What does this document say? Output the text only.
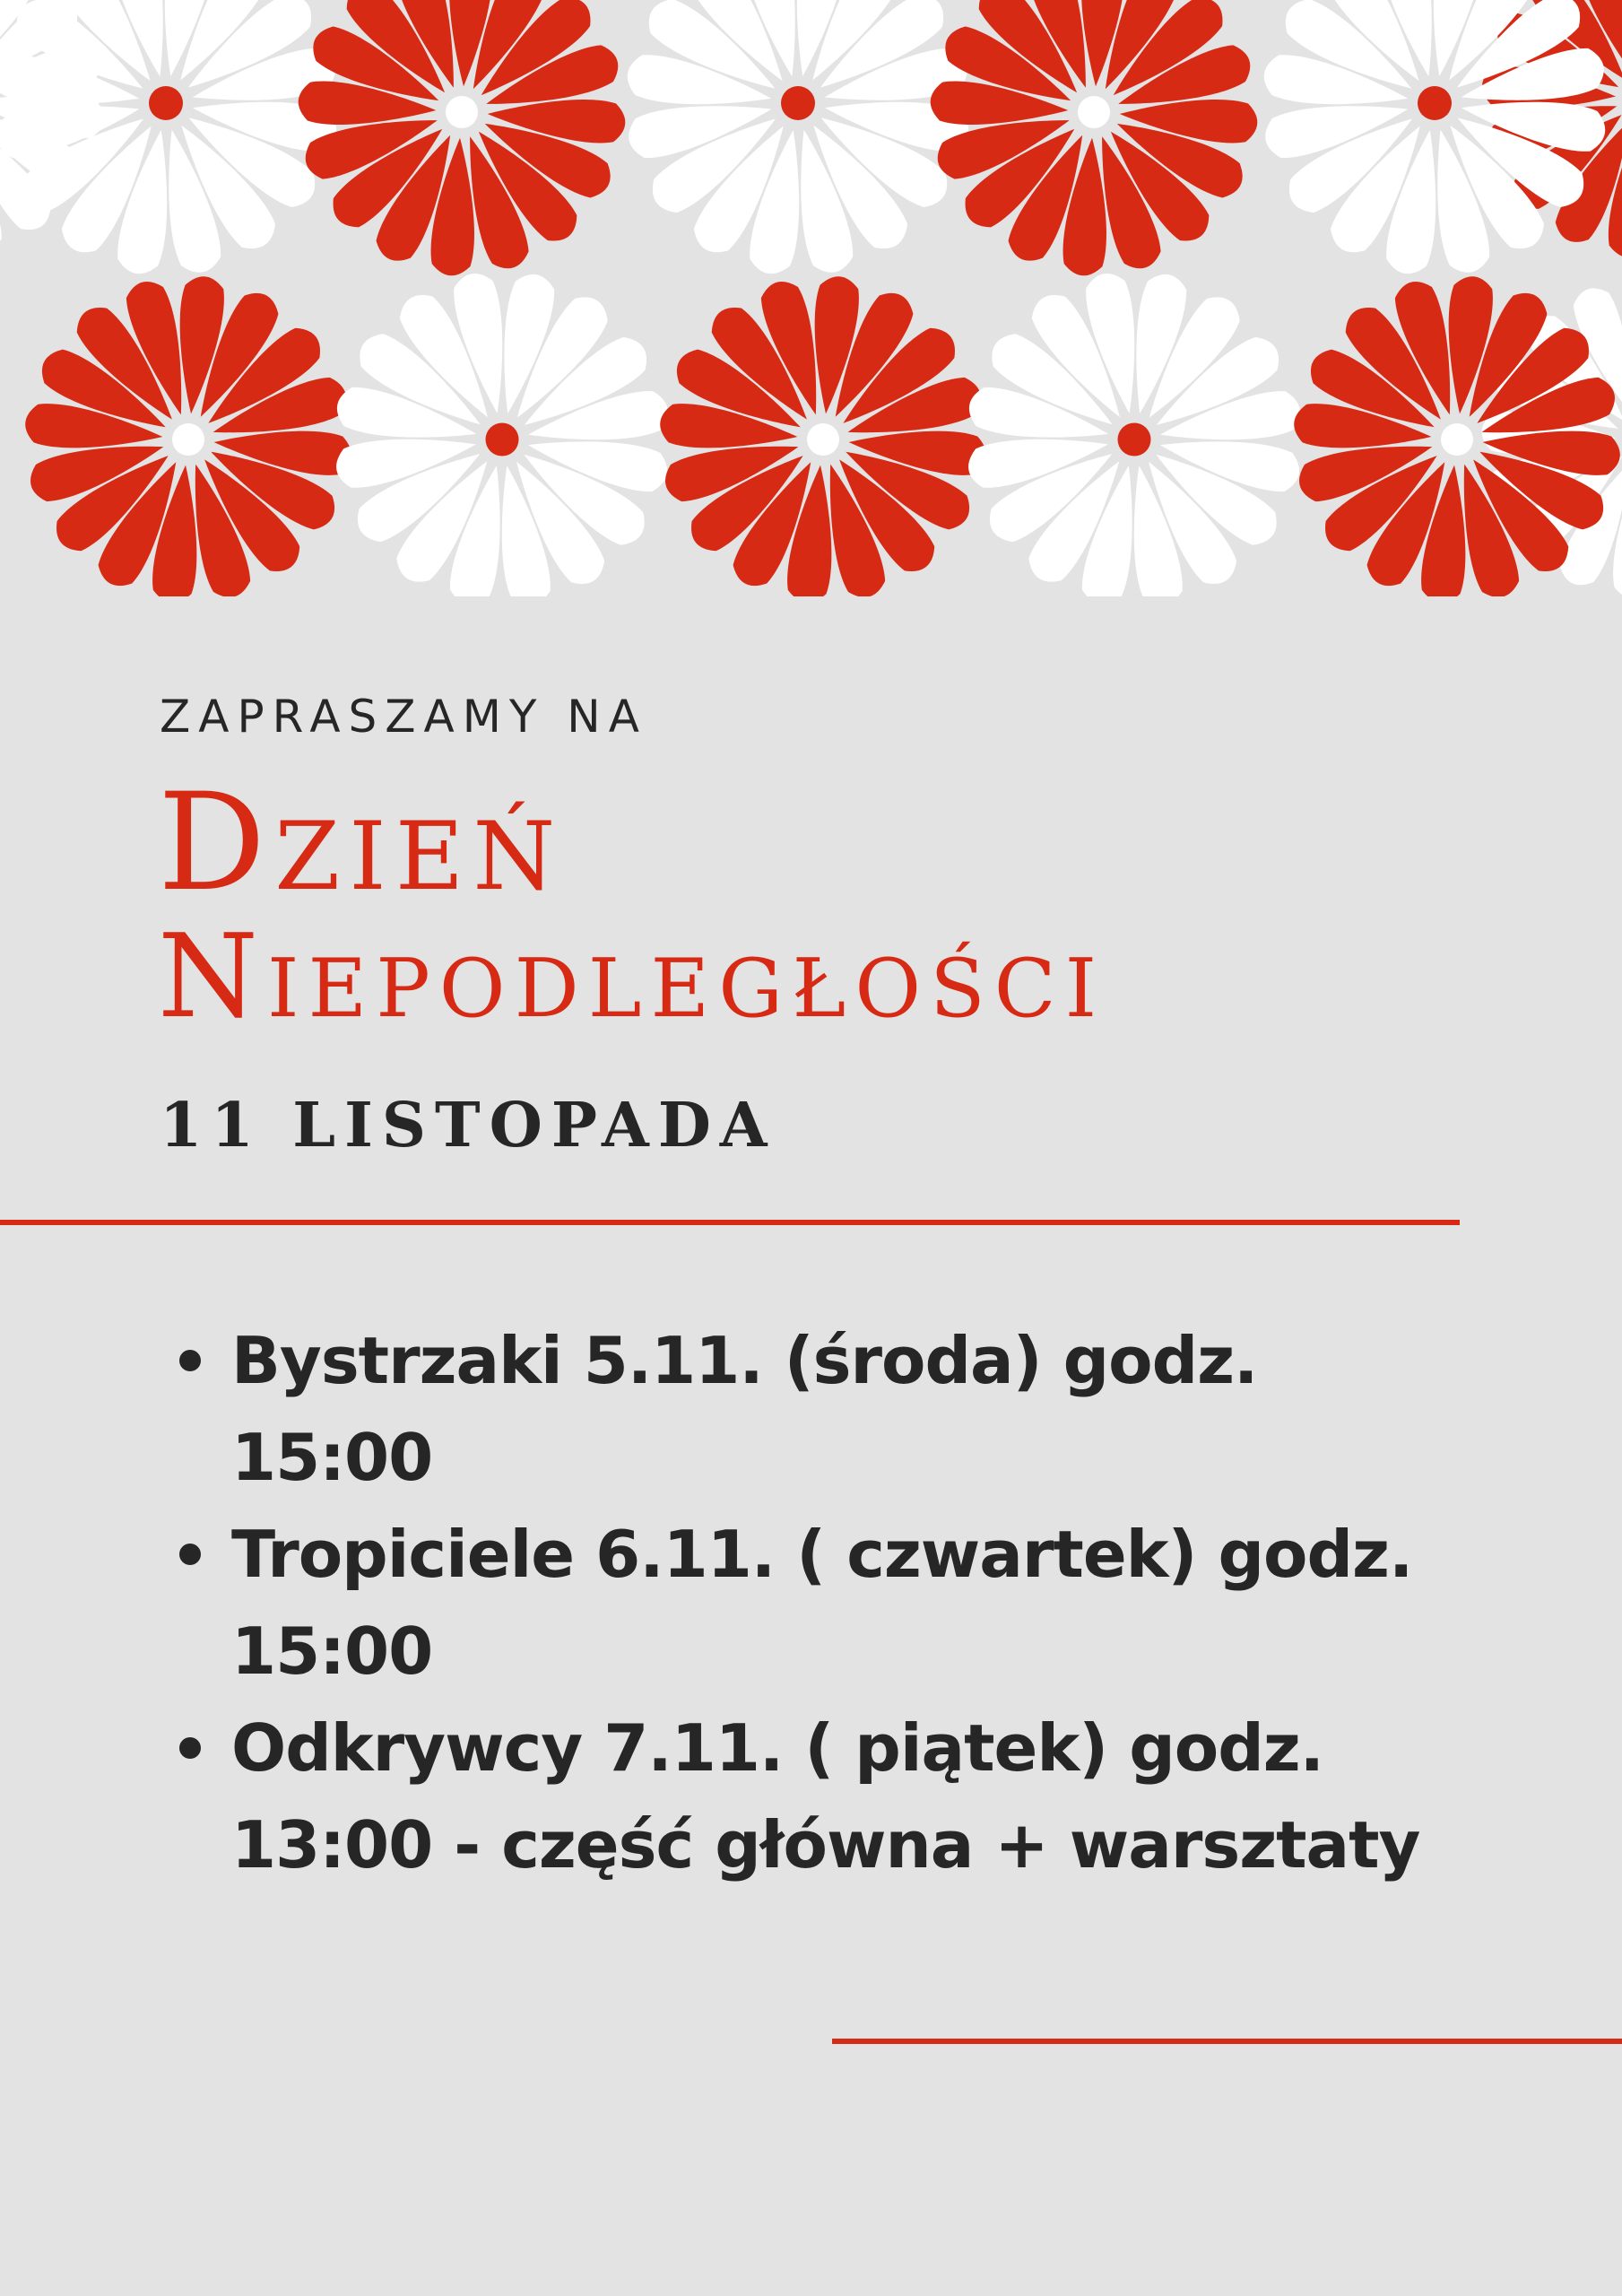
ZAPRASZAMY NA
Dzień
Niepodległości
11 LISTOPADA
Bystrzaki 5.11. (środa) godz. 15:00
Tropiciele 6.11. ( czwartek) godz. 15:00
Odkrywcy 7.11. ( piątek) godz. 13:00 - część główna + warsztaty
